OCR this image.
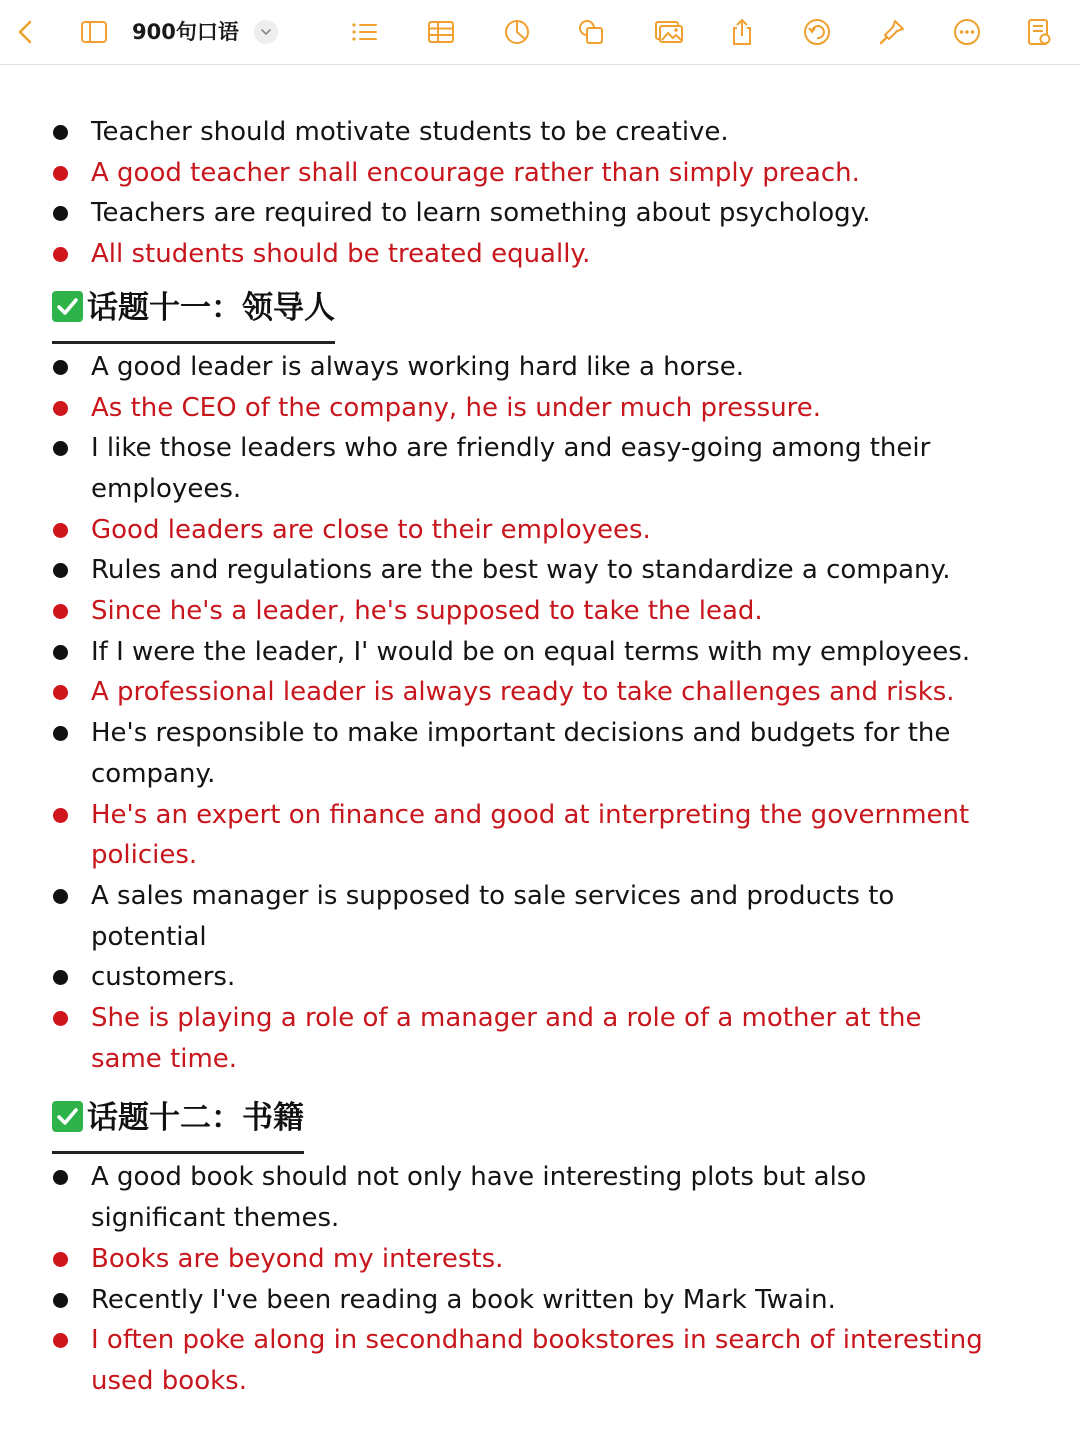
900句口语
Teacher should motivate students to be creative.
A good teacher shall encourage rather than simply preach.
Teachers are required to learn something about psychology.
All students should be treated equally.
话题十一：领导人
A good leader is always working hard like a horse.
As the CEO of the company, he is under much pressure.
I like those leaders who are friendly and easy-going among their employees.
Good leaders are close to their employees.
Rules and regulations are the best way to standardize a company.
Since he's a leader, he's supposed to take the lead.
If I were the leader, I' would be on equal terms with my employees.
A professional leader is always ready to take challenges and risks.
He's responsible to make important decisions and budgets for the company.
He's an expert on finance and good at interpreting the government policies.
A sales manager is supposed to sale services and products to potential
customers.
She is playing a role of a manager and a role of a mother at the same time.
话题十二：书籍
A good book should not only have interesting plots but also significant themes.
Books are beyond my interests.
Recently I've been reading a book written by Mark Twain.
I often poke along in secondhand bookstores in search of interesting used books.
